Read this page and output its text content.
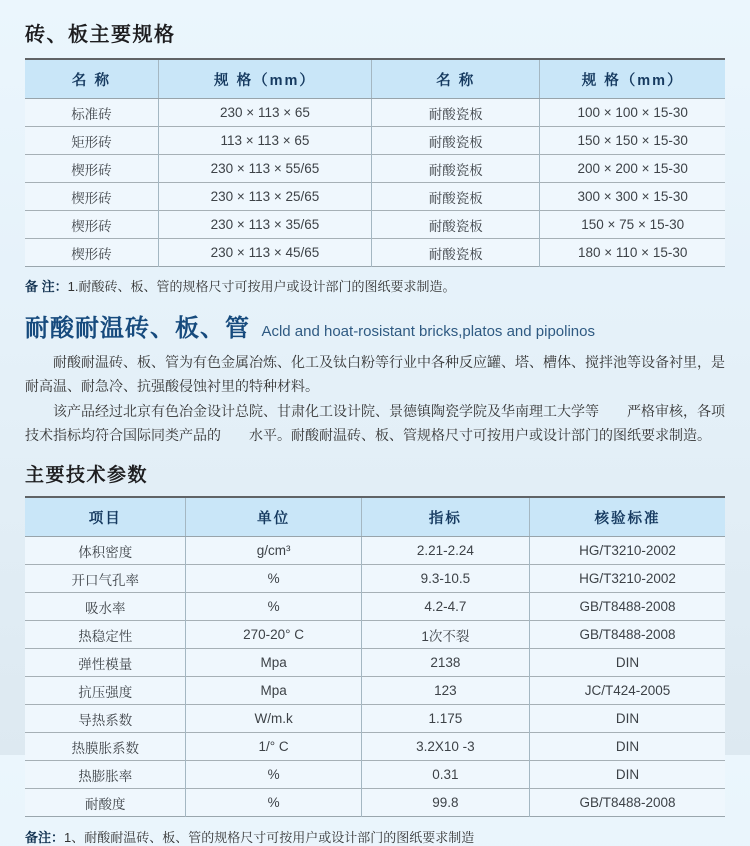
砖、板主要规格
名 称	规 格（mm）	名 称	规 格（mm）
标准砖	230 × 113 × 65	耐酸瓷板	100 × 100 × 15-30
矩形砖	113 × 113 × 65	耐酸瓷板	150 × 150 × 15-30
楔形砖	230 × 113 × 55/65	耐酸瓷板	200 × 200 × 15-30
楔形砖	230 × 113 × 25/65	耐酸瓷板	300 × 300 × 15-30
楔形砖	230 × 113 × 35/65	耐酸瓷板	150 × 75 × 15-30
楔形砖	230 × 113 × 45/65	耐酸瓷板	180 × 110 × 15-30
备 注：1.耐酸砖、板、管的规格尺寸可按用户或设计部门的图纸要求制造。
耐酸耐温砖、板、管 Acld and hoat-rosistant bricks,platos and pipolinos

耐酸耐温砖、板、管为有色金属冶炼、化工及钛白粉等行业中各种反应罐、塔、槽体、搅拌池等设备衬里，是耐高温、耐急冷、抗强酸侵蚀衬里的特种材料。

该产品经过北京有色冶金设计总院、甘肃化工设计院、景德镇陶瓷学院及华南理工大学等　　严格审核，各项技术指标均符合国际同类产品的　　水平。耐酸耐温砖、板、管规格尺寸可按用户或设计部门的图纸要求制造。

主要技术参数
项目	单位	指标	核验标准
体积密度	g/cm³	2.21-2.24	HG/T3210-2002
开口气孔率	%	9.3-10.5	HG/T3210-2002
吸水率	%	4.2-4.7	GB/T8488-2008
热稳定性	270-20° C	1次不裂	GB/T8488-2008
弹性模量	Mpa	2138	DIN
抗压强度	Mpa	123	JC/T424-2005
导热系数	W/m.k	1.175	DIN
热膜胀系数	1/° C	3.2X10 -3	DIN
热膨胀率	%	0.31	DIN
耐酸度	%	99.8	GB/T8488-2008
备注：1、耐酸耐温砖、板、管的规格尺寸可按用户或设计部门的图纸要求制造
